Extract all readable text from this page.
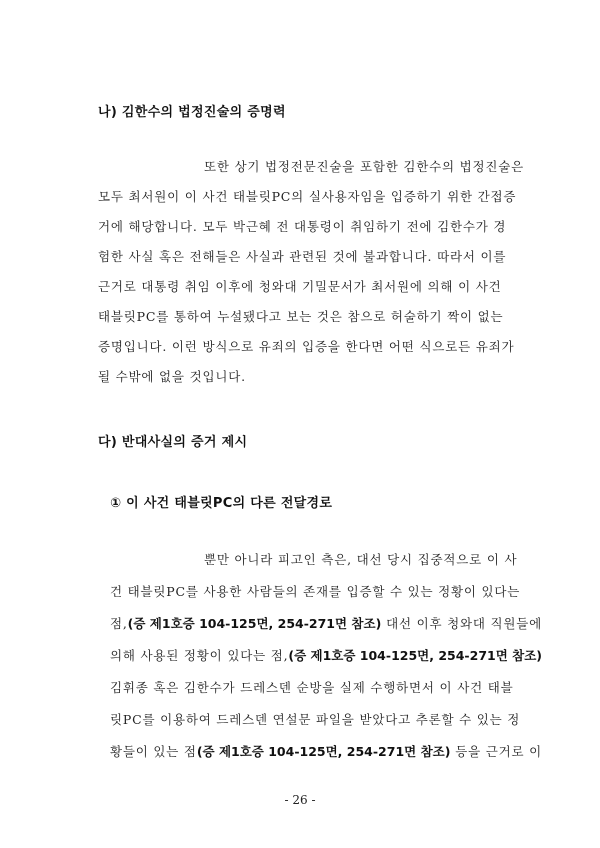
나) 김한수의 법정진술의 증명력
또한 상기 법정전문진술을 포함한 김한수의 법정진술은
모두 최서원이 이 사건 태블릿PC의 실사용자임을 입증하기 위한 간접증
거에 해당합니다. 모두 박근혜 전 대통령이 취임하기 전에 김한수가 경
험한 사실 혹은 전해들은 사실과 관련된 것에 불과합니다. 따라서 이를
근거로 대통령 취임 이후에 청와대 기밀문서가 최서원에 의해 이 사건
태블릿PC를 통하여 누설됐다고 보는 것은 참으로 허술하기 짝이 없는
증명입니다. 이런 방식으로 유죄의 입증을 한다면 어떤 식으로든 유죄가
될 수밖에 없을 것입니다.
다) 반대사실의 증거 제시
① 이 사건 태블릿PC의 다른 전달경로
뿐만 아니라 피고인 측은, 대선 당시 집중적으로 이 사
건 태블릿PC를 사용한 사람들의 존재를 입증할 수 있는 정황이 있다는
점,(증 제1호증 104-125면, 254-271면 참조) 대선 이후 청와대 직원들에
의해 사용된 정황이 있다는 점,(증 제1호증 104-125면, 254-271면 참조)
김휘종 혹은 김한수가 드레스덴 순방을 실제 수행하면서 이 사건 태블
릿PC를 이용하여 드레스덴 연설문 파일을 받았다고 추론할 수 있는 정
황들이 있는 점(증 제1호증 104-125면, 254-271면 참조) 등을 근거로 이
- 26 -
